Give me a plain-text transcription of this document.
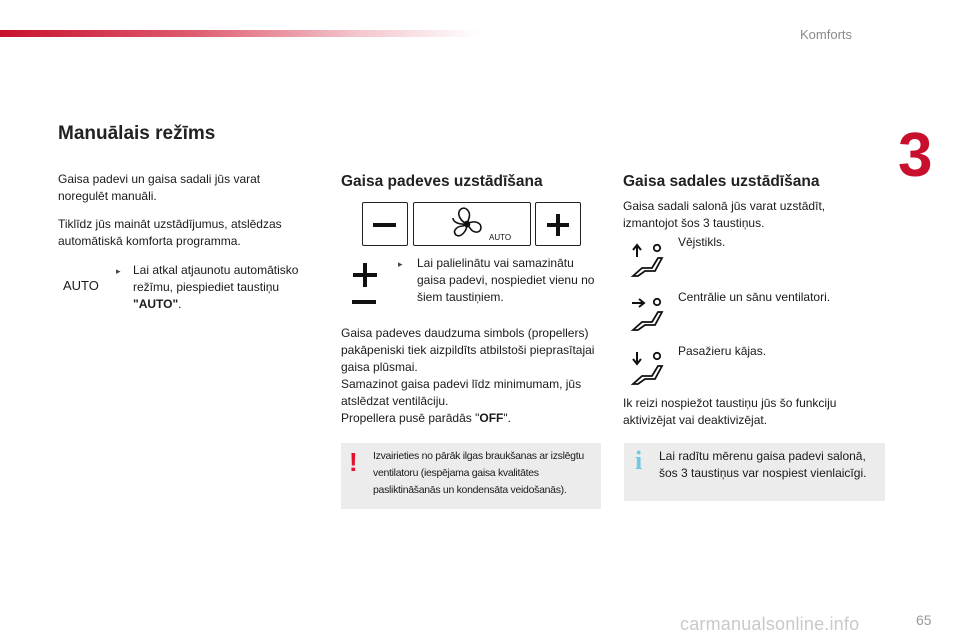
Komforts
3
Manuālais režīms

Gaisa padevi un gaisa sadali jūs varat noregulēt manuāli.

Tiklīdz jūs maināt uzstādījumus, atslēdzas automātiskā komforta programma.

AUTO
▸ Lai atkal atjaunotu automātisko režīmu, piespiediet taustiņu "AUTO".

Gaisa padeves uzstādīšana
AUTO
▸ Lai palielinātu vai samazinātu gaisa padevi, nospiediet vienu no šiem taustiņiem.

Gaisa padeves daudzuma simbols (propellers) pakāpeniski tiek aizpildīts atbilstoši pieprasītajai gaisa plūsmai.
Samazinot gaisa padevi līdz minimumam, jūs atslēdzat ventilāciju.
Propellera pusē parādās "OFF".

! Izvairieties no pārāk ilgas braukšanas ar izslēgtu ventilatoru (iespējama gaisa kvalitātes pasliktināšanās un kondensāta veidošanās).

Gaisa sadales uzstādīšana

Gaisa sadali salonā jūs varat uzstādīt, izmantojot šos 3 taustiņus.

Vējstikls.
Centrālie un sānu ventilatori.
Pasažieru kājas.

Ik reizi nospiežot taustiņu jūs šo funkciju aktivizējat vai deaktivizējat.

i Lai radītu mērenu gaisa padevi salonā, šos 3 taustiņus var nospiest vienlaicīgi.

carmanualsonline.info	65
